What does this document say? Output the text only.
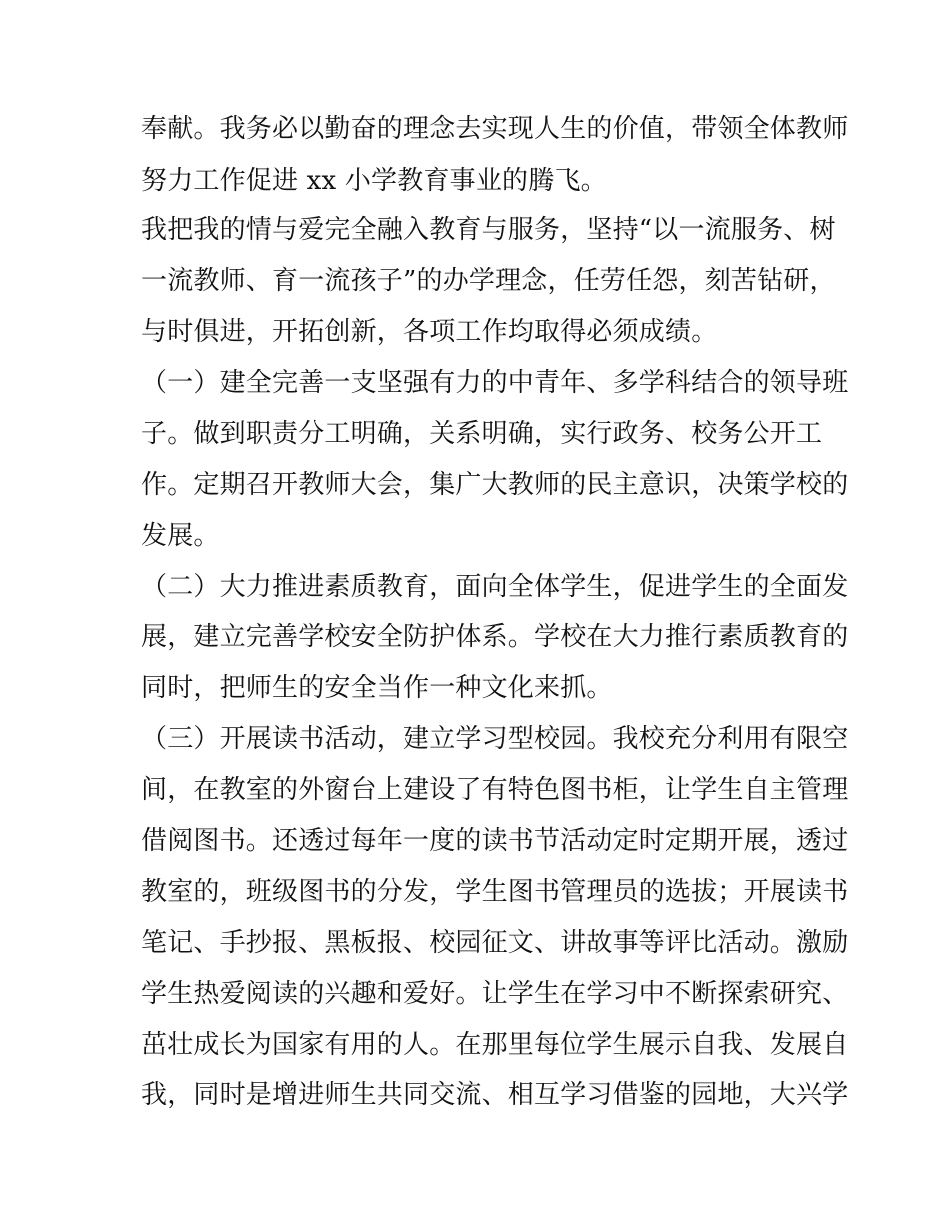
奉献。我务必以勤奋的理念去实现人生的价值，带领全体教师
努力工作促进 xx 小学教育事业的腾飞。
我把我的情与爱完全融入教育与服务，坚持“以一流服务、树
一流教师、育一流孩子”的办学理念，任劳任怨，刻苦钻研，
与时俱进，开拓创新，各项工作均取得必须成绩。
（一）建全完善一支坚强有力的中青年、多学科结合的领导班
子。做到职责分工明确，关系明确，实行政务、校务公开工
作。定期召开教师大会，集广大教师的民主意识，决策学校的
发展。
（二）大力推进素质教育，面向全体学生，促进学生的全面发
展，建立完善学校安全防护体系。学校在大力推行素质教育的
同时，把师生的安全当作一种文化来抓。
（三）开展读书活动，建立学习型校园。我校充分利用有限空
间，在教室的外窗台上建设了有特色图书柜，让学生自主管理
借阅图书。还透过每年一度的读书节活动定时定期开展，透过
教室的，班级图书的分发，学生图书管理员的选拔；开展读书
笔记、手抄报、黑板报、校园征文、讲故事等评比活动。激励
学生热爱阅读的兴趣和爱好。让学生在学习中不断探索研究、
茁壮成长为国家有用的人。在那里每位学生展示自我、发展自
我，同时是增进师生共同交流、相互学习借鉴的园地，大兴学
